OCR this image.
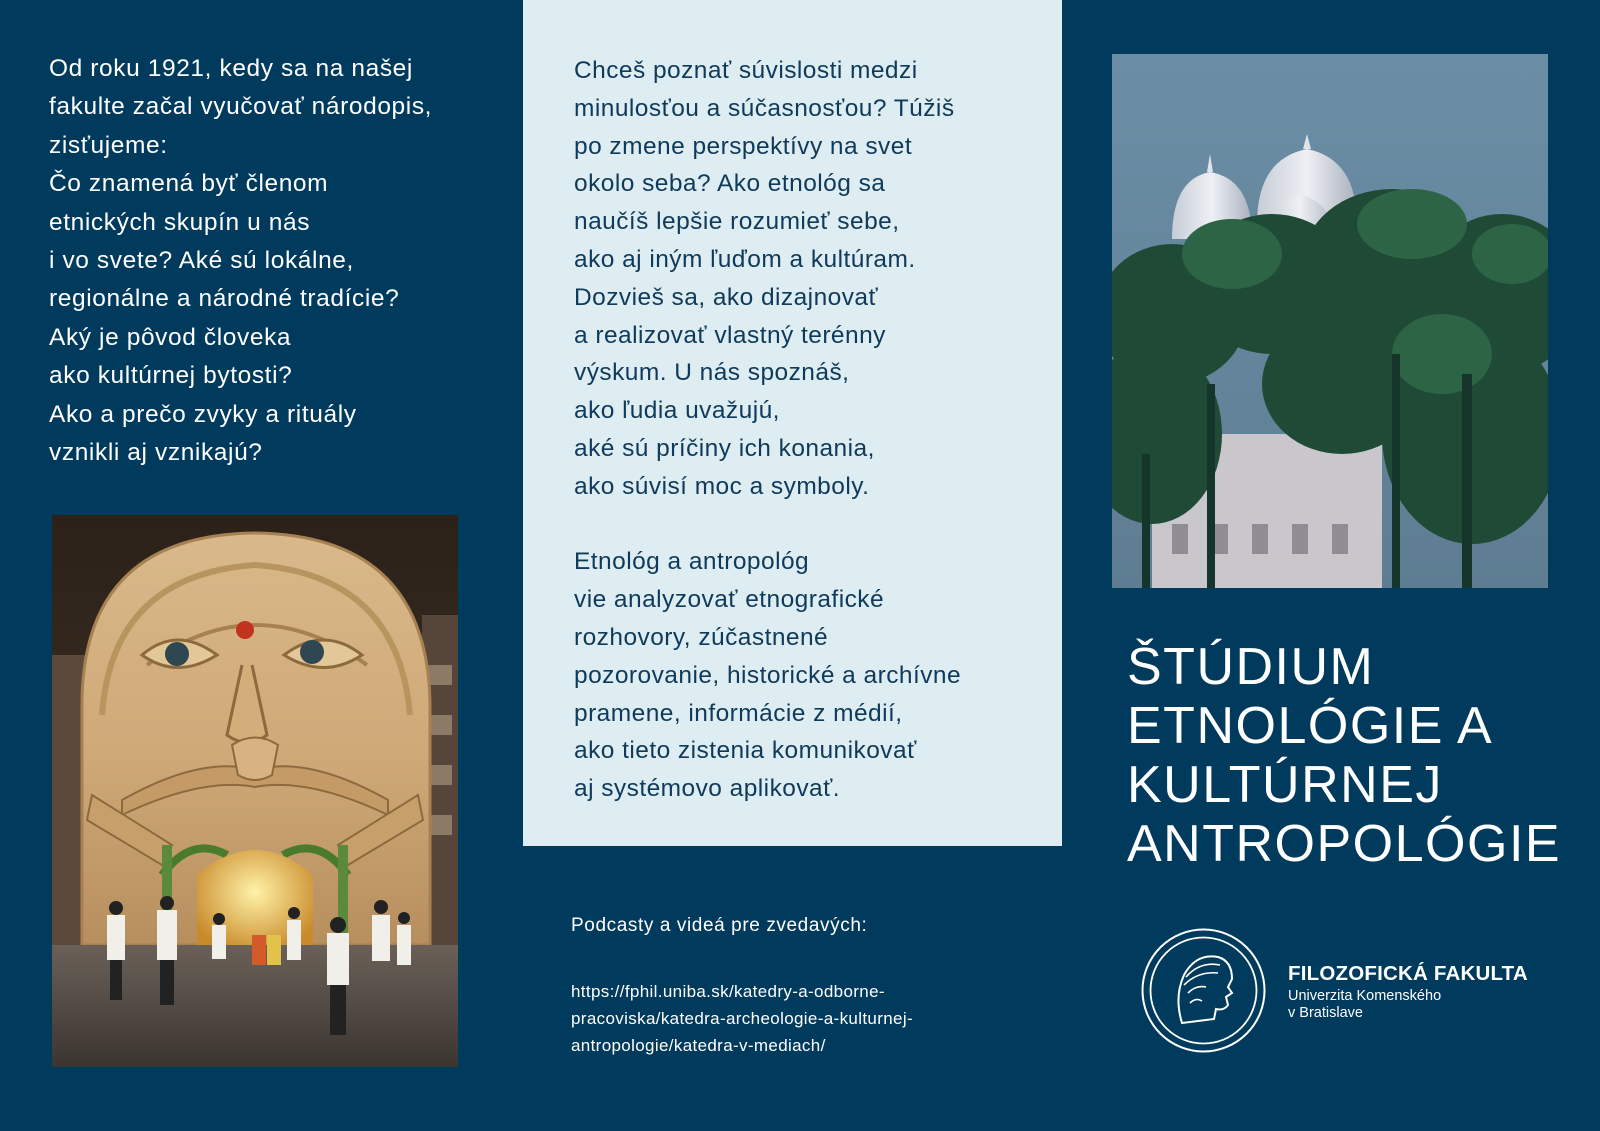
Od roku 1921, kedy sa na našej
fakulte začal vyučovať národopis,
zisťujeme:
Čo znamená byť členom
etnických skupín u nás
i vo svete? Aké sú lokálne,
regionálne a národné tradície?
Aký je pôvod človeka
ako kultúrnej bytosti?
Ako a prečo zvyky a rituály
vznikli aj vznikajú?
Chceš poznať súvislosti medzi
minulosťou a súčasnosťou? Túžiš
po zmene perspektívy na svet
okolo seba? Ako etnológ sa
naučíš lepšie rozumieť sebe,
ako aj iným ľuďom a kultúram.
Dozvieš sa, ako dizajnovať
a realizovať vlastný terénny
výskum. U nás spoznáš,
ako ľudia uvažujú,
aké sú príčiny ich konania,
ako súvisí moc a symboly.
Etnológ a antropológ
vie analyzovať etnografické
rozhovory, zúčastnené
pozorovanie, historické a archívne
pramene, informácie z médií,
ako tieto zistenia komunikovať
aj systémovo aplikovať.
Podcasty a videá pre zvedavých:
https://fphil.uniba.sk/katedry-a-odborne-
pracoviska/katedra-archeologie-a-kulturnej-
antropologie/katedra-v-mediach/
ŠTÚDIUM
ETNOLÓGIE A
KULTÚRNEJ
ANTROPOLÓGIE
FILOZOFICKÁ FAKULTA
Univerzita Komenského
v Bratislave
